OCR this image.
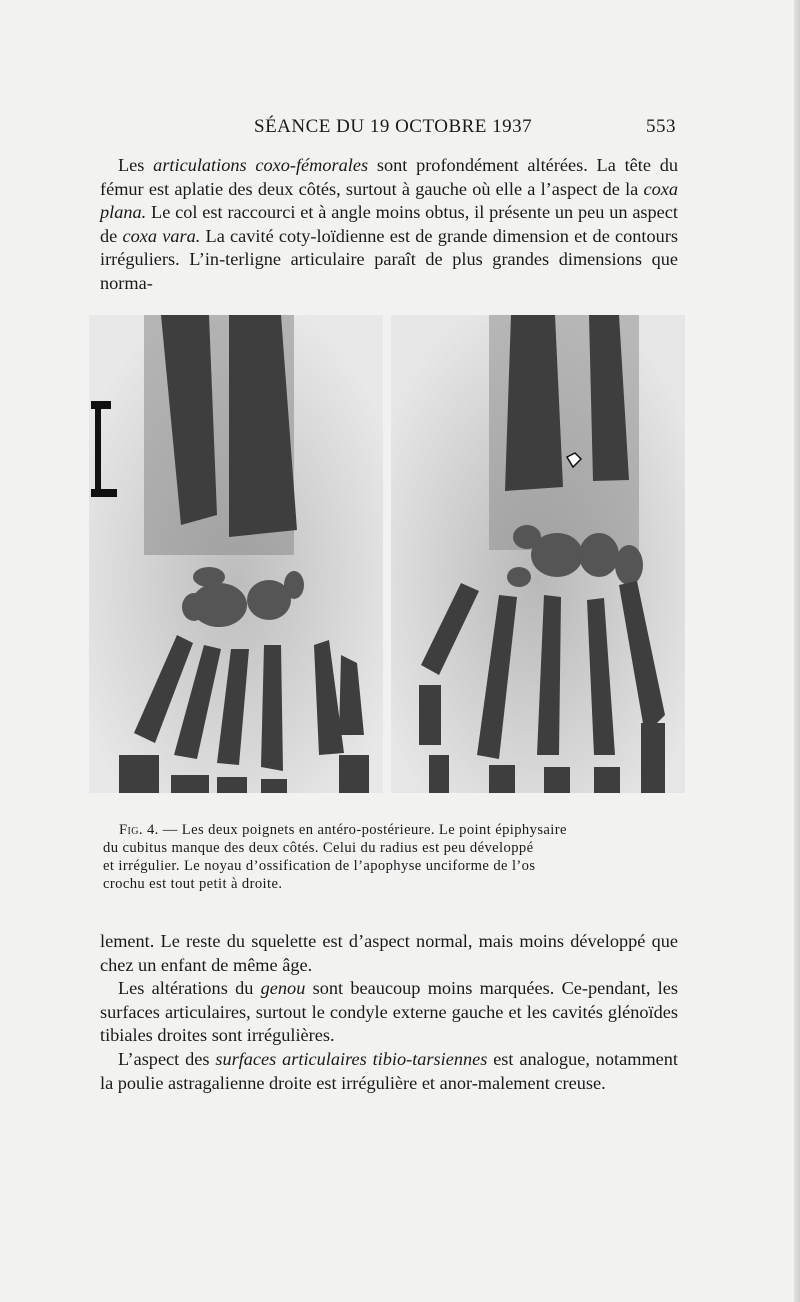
SÉANCE DU 19 OCTOBRE 1937	553

Les articulations coxo-fémorales sont profondément altérées. La tête du fémur est aplatie des deux côtés, surtout à gauche où elle a l’aspect de la coxa plana. Le col est raccourci et à angle moins obtus, il présente un peu un aspect de coxa vara. La cavité coty-loïdienne est de grande dimension et de contours irréguliers. L’in-terligne articulaire paraît de plus grandes dimensions que norma-

Fig. 4. — Les deux poignets en antéro-postérieure. Le point épiphysaire
du cubitus manque des deux côtés. Celui du radius est peu développé
et irrégulier. Le noyau d’ossification de l’apophyse unciforme de l’os
crochu est tout petit à droite.

lement. Le reste du squelette est d’aspect normal, mais moins développé que chez un enfant de même âge.

Les altérations du genou sont beaucoup moins marquées. Ce-pendant, les surfaces articulaires, surtout le condyle externe gauche et les cavités glénoïdes tibiales droites sont irrégulières.

L’aspect des surfaces articulaires tibio-tarsiennes est analogue, notamment la poulie astragalienne droite est irrégulière et anor-malement creuse.
